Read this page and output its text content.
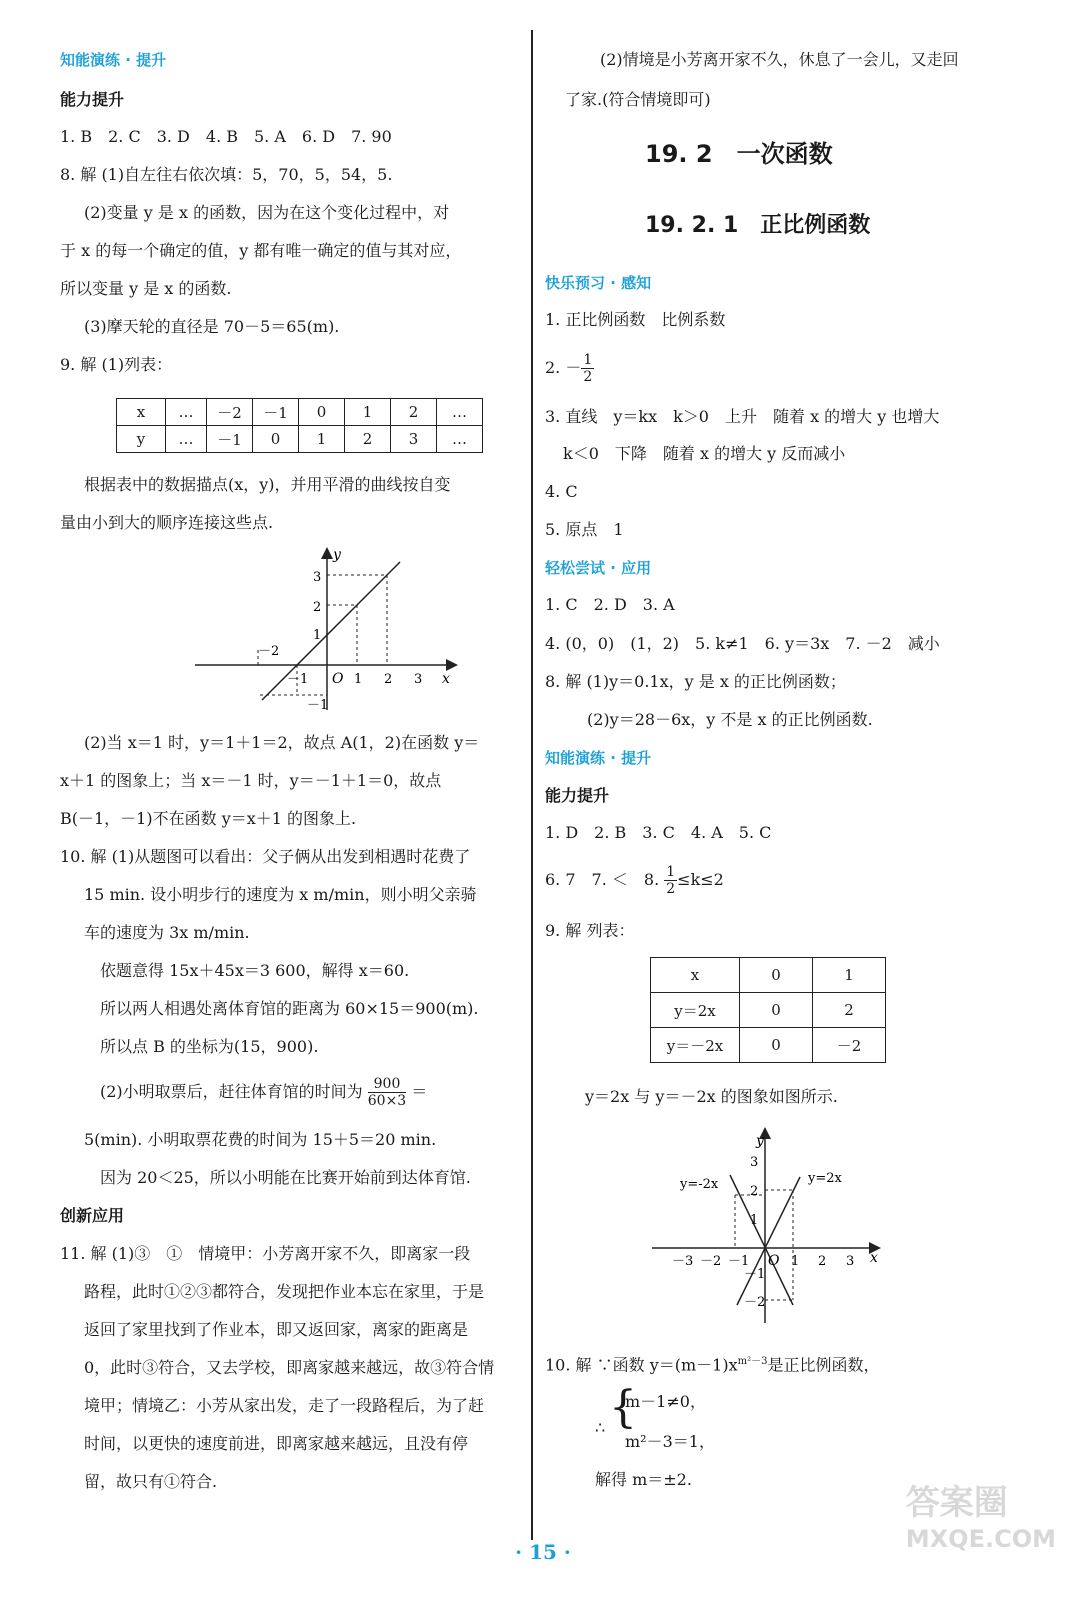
知能演练 · 提升
能力提升
1. B　2. C　3. D　4. B　5. A　6. D　7. 90
8. 解 (1)自左往右依次填：5，70，5，54，5.
(2)变量 y 是 x 的函数，因为在这个变化过程中，对
于 x 的每一个确定的值，y 都有唯一确定的值与其对应，
所以变量 y 是 x 的函数.
(3)摩天轮的直径是 70－5＝65(m).
9. 解 (1)列表：
x	…	－2	－1	0	1	2	…
y	…	－1	0	1	2	3	…
根据表中的数据描点(x，y)，并用平滑的曲线按自变
量由小到大的顺序连接这些点.
y
x
O
－2
－1	1 2 3
3
2
1
－1
(2)当 x＝1 时，y＝1＋1＝2，故点 A(1，2)在函数 y＝
x＋1 的图象上；当 x＝－1 时，y＝－1＋1＝0，故点
B(－1，－1)不在函数 y＝x＋1 的图象上.
10. 解 (1)从题图可以看出：父子俩从出发到相遇时花费了
15 min. 设小明步行的速度为 x m/min，则小明父亲骑
车的速度为 3x m/min.
依题意得 15x＋45x＝3 600，解得 x＝60.
所以两人相遇处离体育馆的距离为 60×15＝900(m).
所以点 B 的坐标为(15，900).
(2)小明取票后，赶往体育馆的时间为 $\frac{900}{60\times 3}$ ＝
5(min). 小明取票花费的时间为 15＋5＝20 min.
因为 20＜25，所以小明能在比赛开始前到达体育馆.
创新应用
11. 解 (1)③　①　情境甲：小芳离开家不久，即离家一段
路程，此时①②③都符合，发现把作业本忘在家里，于是
返回了家里找到了作业本，即又返回家，离家的距离是
0，此时③符合，又去学校，即离家越来越远，故③符合情
境甲；情境乙：小芳从家出发，走了一段路程后，为了赶
时间，以更快的速度前进，即离家越来越远，且没有停
留，故只有①符合.
(2)情境是小芳离开家不久，休息了一会儿，又走回
了家.(符合情境即可)
19. 2　一次函数
19. 2. 1　正比例函数
快乐预习 · 感知
1. 正比例函数　比例系数
2. － $\frac{1}{2}$
3. 直线　y＝kx　k＞0　上升　随着 x 的增大 y 也增大
k＜0　下降　随着 x 的增大 y 反而减小
4. C
5. 原点　1
轻松尝试 · 应用
1. C　2. D　3. A
4. (0，0)　(1，2)　5. k≠1　6. y＝3x　7. －2　减小
8. 解 (1)y＝0.1x，y 是 x 的正比例函数；
(2)y＝28－6x，y 不是 x 的正比例函数.
知能演练 · 提升
能力提升
1. D　2. B　3. C　4. A　5. C
6. 7　7. ＜　8. $\frac{1}{2} \le k\le 2$
9. 解 列表：
x	0	1
y＝2x	0	2
y＝－2x	0	－2
y＝2x 与 y＝－2x 的图象如图所示.
y
x
O
y=-2x	y=2x
－3 －2 －1	1 2 3
3
2
1
－1
－2
10. 解 ∵函数 $y=(m-1)x^{m^2-3}$是正比例函数，
∴ {
m－1≠0，
m²－3＝1，
解得 m＝±2.
· 15 ·
答案圈
MXQE.COM
